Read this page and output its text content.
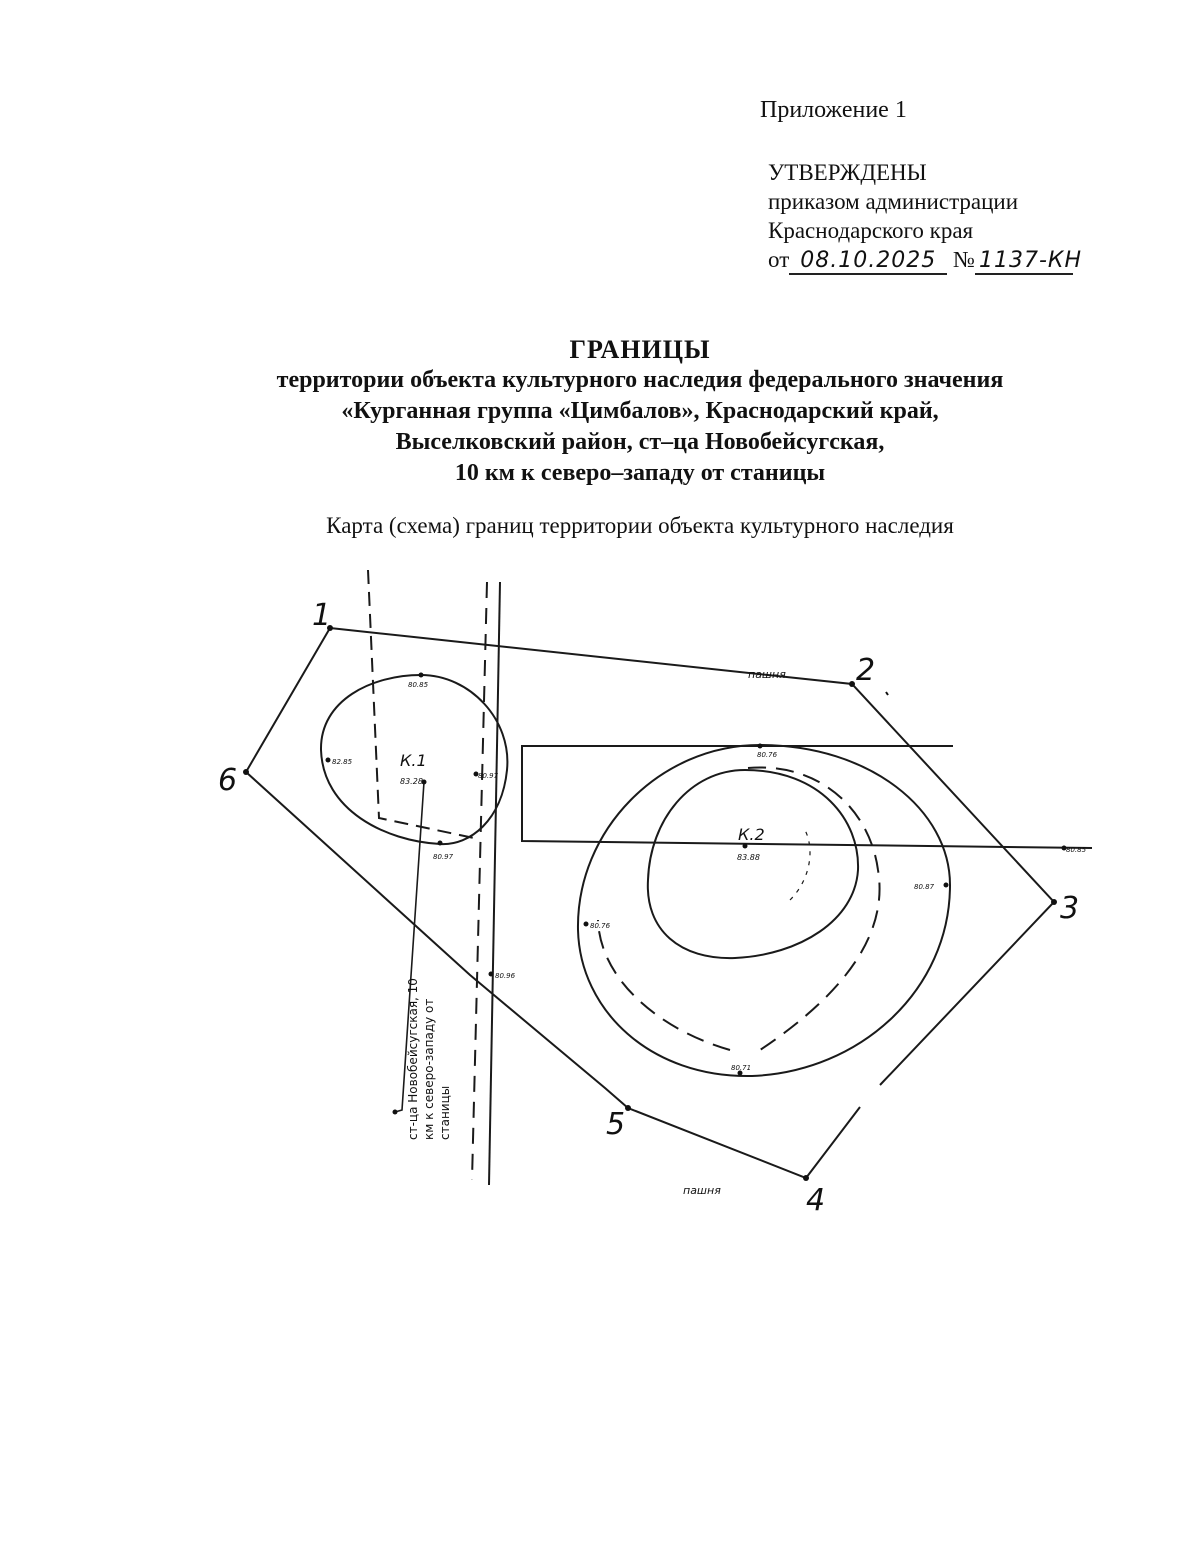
Приложение 1
УТВЕРЖДЕНЫ
приказом администрации
Краснодарского края
от 08.10.2025 № 1137-КН
ГРАНИЦЫ
территории объекта культурного наследия федерального значения
«Курганная группа «Цимбалов», Краснодарский край,
Выселковский район, ст–ца Новобейсугская,
10 км к северо–западу от станицы
Карта (схема) границ территории объекта культурного наследия
1
2
3
4
5
6
К.1
83.28
К.2
83.88
80.85
82.85
80.97
80.97
80.96
80.76
80.76
80.87
80.71
80.85
пашня
пашня
ст-ца Новобейсугская, 10 км к северо-западу от станицы
